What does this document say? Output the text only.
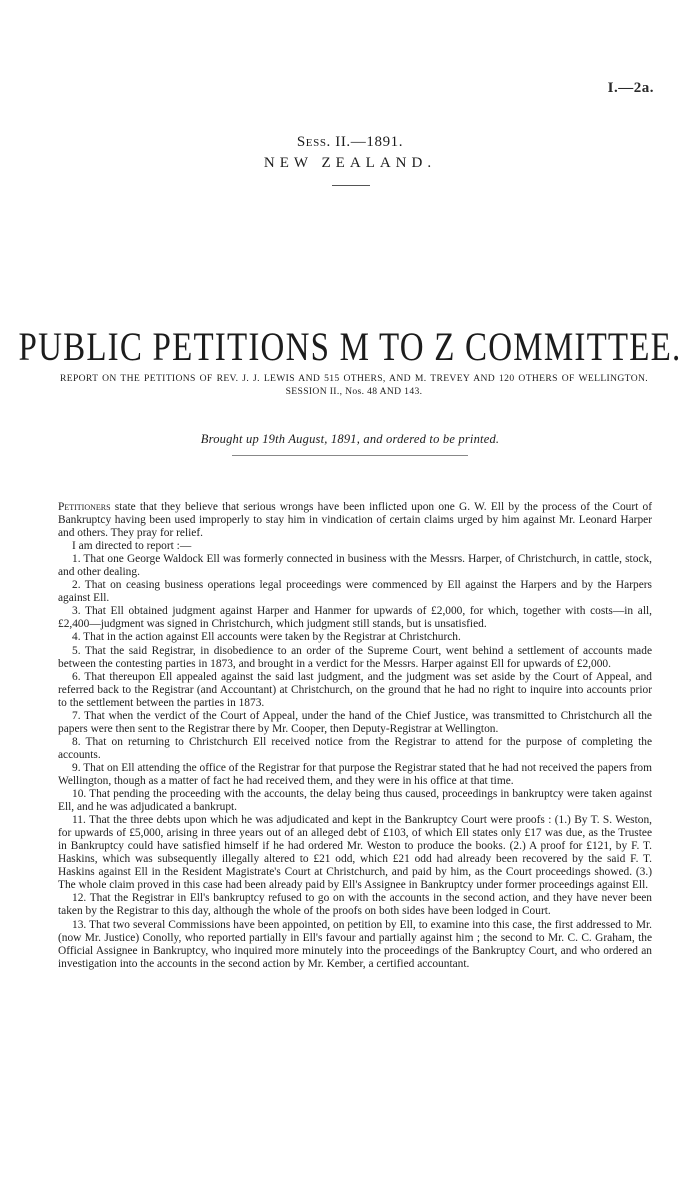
I.—2a.
Sess. II.—1891.
NEW ZEALAND.
PUBLIC PETITIONS M TO Z COMMITTEE.
REPORT ON THE PETITIONS OF REV. J. J. LEWIS AND 515 OTHERS, AND M. TREVEY AND 120 OTHERS OF WELLINGTON. SESSION II., Nos. 48 AND 143.
Brought up 19th August, 1891, and ordered to be printed.

Petitioners state that they believe that serious wrongs have been inflicted upon one G. W. Ell by the process of the Court of Bankruptcy having been used improperly to stay him in vindication of certain claims urged by him against Mr. Leonard Harper and others. They pray for relief.

I am directed to report :—

1. That one George Waldock Ell was formerly connected in business with the Messrs. Harper, of Christchurch, in cattle, stock, and other dealing.

2. That on ceasing business operations legal proceedings were commenced by Ell against the Harpers and by the Harpers against Ell.

3. That Ell obtained judgment against Harper and Hanmer for upwards of £2,000, for which, together with costs—in all, £2,400—judgment was signed in Christchurch, which judgment still stands, but is unsatisfied.

4. That in the action against Ell accounts were taken by the Registrar at Christchurch.

5. That the said Registrar, in disobedience to an order of the Supreme Court, went behind a settlement of accounts made between the contesting parties in 1873, and brought in a verdict for the Messrs. Harper against Ell for upwards of £2,000.

6. That thereupon Ell appealed against the said last judgment, and the judgment was set aside by the Court of Appeal, and referred back to the Registrar (and Accountant) at Christchurch, on the ground that he had no right to inquire into accounts prior to the settlement between the parties in 1873.

7. That when the verdict of the Court of Appeal, under the hand of the Chief Justice, was transmitted to Christchurch all the papers were then sent to the Registrar there by Mr. Cooper, then Deputy-Registrar at Wellington.

8. That on returning to Christchurch Ell received notice from the Registrar to attend for the purpose of completing the accounts.

9. That on Ell attending the office of the Registrar for that purpose the Registrar stated that he had not received the papers from Wellington, though as a matter of fact he had received them, and they were in his office at that time.

10. That pending the proceeding with the accounts, the delay being thus caused, proceedings in bankruptcy were taken against Ell, and he was adjudicated a bankrupt.

11. That the three debts upon which he was adjudicated and kept in the Bankruptcy Court were proofs : (1.) By T. S. Weston, for upwards of £5,000, arising in three years out of an alleged debt of £103, of which Ell states only £17 was due, as the Trustee in Bankruptcy could have satisfied himself if he had ordered Mr. Weston to produce the books. (2.) A proof for £121, by F. T. Haskins, which was subsequently illegally altered to £21 odd, which £21 odd had already been recovered by the said F. T. Haskins against Ell in the Resident Magistrate's Court at Christchurch, and paid by him, as the Court proceedings showed. (3.) The whole claim proved in this case had been already paid by Ell's Assignee in Bankruptcy under former proceedings against Ell.

12. That the Registrar in Ell's bankruptcy refused to go on with the accounts in the second action, and they have never been taken by the Registrar to this day, although the whole of the proofs on both sides have been lodged in Court.

13. That two several Commissions have been appointed, on petition by Ell, to examine into this case, the first addressed to Mr. (now Mr. Justice) Conolly, who reported partially in Ell's favour and partially against him ; the second to Mr. C. C. Graham, the Official Assignee in Bankruptcy, who inquired more minutely into the proceedings of the Bankruptcy Court, and who ordered an investigation into the accounts in the second action by Mr. Kember, a certified accountant.
